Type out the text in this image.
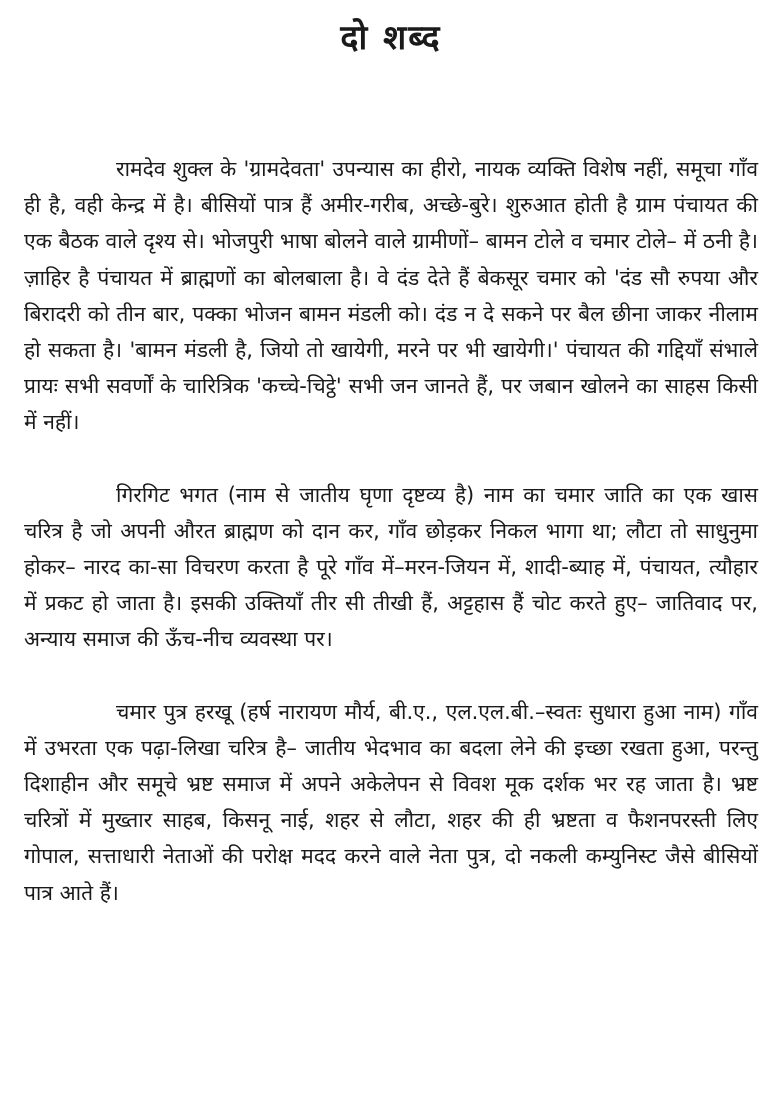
दो शब्द

रामदेव शुक्ल के 'ग्रामदेवता' उपन्यास का हीरो, नायक व्यक्ति विशेष नहीं, समूचा गाँव ही है, वही केन्द्र में है। बीसियों पात्र हैं अमीर-गरीब, अच्छे-बुरे। शुरुआत होती है ग्राम पंचायत की एक बैठक वाले दृश्य से। भोजपुरी भाषा बोलने वाले ग्रामीणों– बामन टोले व चमार टोले– में ठनी है। ज़ाहिर है पंचायत में ब्राह्मणों का बोलबाला है। वे दंड देते हैं बेकसूर चमार को 'दंड सौ रुपया और बिरादरी को तीन बार, पक्का भोजन बामन मंडली को। दंड न दे सकने पर बैल छीना जाकर नीलाम हो सकता है। 'बामन मंडली है, जियो तो खायेगी, मरने पर भी खायेगी।' पंचायत की गद्दियाँ संभाले प्रायः सभी सवर्णों के चारित्रिक 'कच्चे-चिट्ठे' सभी जन जानते हैं, पर जबान खोलने का साहस किसी में नहीं।

गिरगिट भगत (नाम से जातीय घृणा दृष्टव्य है) नाम का चमार जाति का एक खास चरित्र है जो अपनी औरत ब्राह्मण को दान कर, गाँव छोड़कर निकल भागा था; लौटा तो साधुनुमा होकर– नारद का-सा विचरण करता है पूरे गाँव में–मरन-जियन में, शादी-ब्याह में, पंचायत, त्यौहार में प्रकट हो जाता है। इसकी उक्तियाँ तीर सी तीखी हैं, अट्टहास हैं चोट करते हुए– जातिवाद पर, अन्याय समाज की ऊँच-नीच व्यवस्था पर।

चमार पुत्र हरखू (हर्ष नारायण मौर्य, बी.ए., एल.एल.बी.–स्वतः सुधारा हुआ नाम) गाँव में उभरता एक पढ़ा-लिखा चरित्र है– जातीय भेदभाव का बदला लेने की इच्छा रखता हुआ, परन्तु दिशाहीन और समूचे भ्रष्ट समाज में अपने अकेलेपन से विवश मूक दर्शक भर रह जाता है। भ्रष्ट चरित्रों में मुख्तार साहब, किसनू नाई, शहर से लौटा, शहर की ही भ्रष्टता व फैशनपरस्ती लिए गोपाल, सत्ताधारी नेताओं की परोक्ष मदद करने वाले नेता पुत्र, दो नकली कम्युनिस्ट जैसे बीसियों पात्र आते हैं।
